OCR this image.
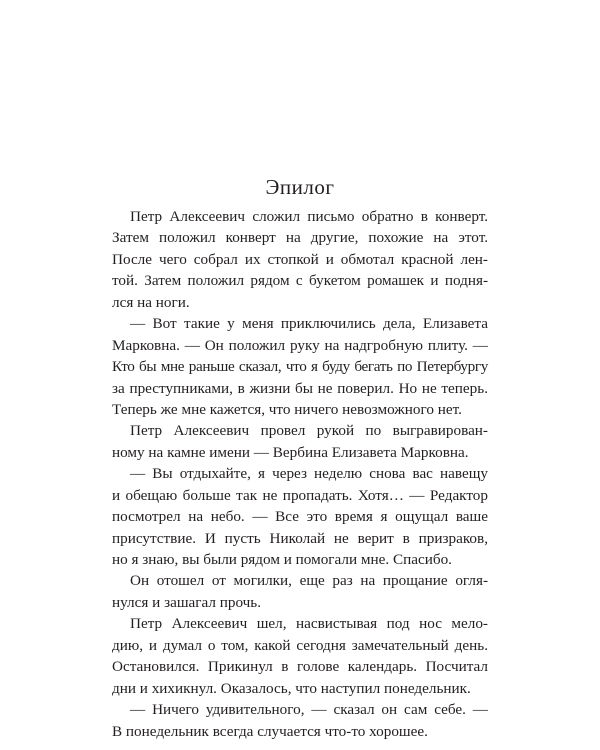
Эпилог
Петр Алексеевич сложил письмо обратно в конверт.
Затем положил конверт на другие, похожие на этот.
После чего собрал их стопкой и обмотал красной лен-
той. Затем положил рядом с букетом ромашек и подня-
лся на ноги.
— Вот такие у меня приключились дела, Елизавета
Марковна. — Он положил руку на надгробную плиту. —
Кто бы мне раньше сказал, что я буду бегать по Петербургу
за преступниками, в жизни бы не поверил. Но не теперь.
Теперь же мне кажется, что ничего невозможного нет.
Петр Алексеевич провел рукой по выгравирован-
ному на камне имени — Вербина Елизавета Марковна.
— Вы отдыхайте, я через неделю снова вас навещу
и обещаю больше так не пропадать. Хотя… — Редактор
посмотрел на небо. — Все это время я ощущал ваше
присутствие. И пусть Николай не верит в призраков,
но я знаю, вы были рядом и помогали мне. Спасибо.
Он отошел от могилки, еще раз на прощание огля-
нулся и зашагал прочь.
Петр Алексеевич шел, насвистывая под нос мело-
дию, и думал о том, какой сегодня замечательный день.
Остановился. Прикинул в голове календарь. Посчитал
дни и хихикнул. Оказалось, что наступил понедельник.
— Ничего удивительного, — сказал он сам себе. —
В понедельник всегда случается что-то хорошее.
